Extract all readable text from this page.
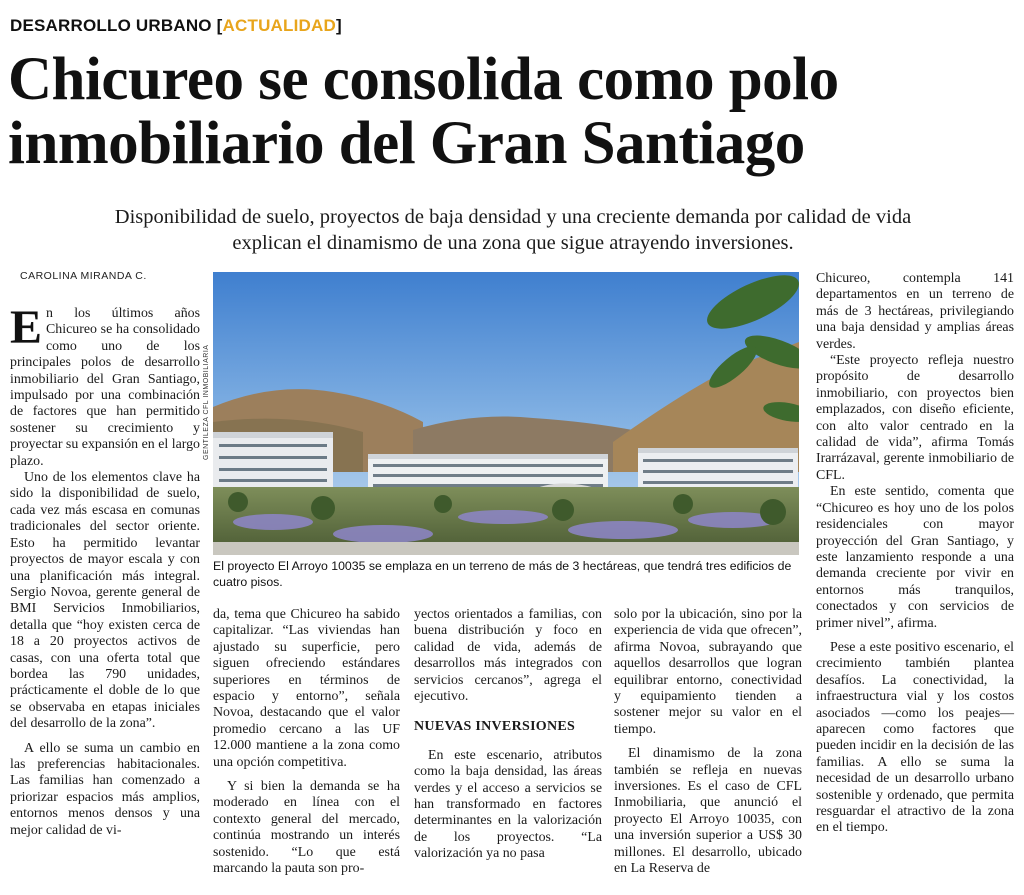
DESARROLLO URBANO [ACTUALIDAD]
Chicureo se consolida como polo
inmobiliario del Gran Santiago

Disponibilidad de suelo, proyectos de baja densidad y una creciente demanda por calidad de vida
explican el dinamismo de una zona que sigue atrayendo inversiones.

CAROLINA MIRANDA C.

En los últimos años Chicureo se ha consolidado como uno de los principales polos de desarrollo inmobiliario del Gran Santiago, impulsado por una combinación de factores que han permitido sostener su crecimiento y proyectar su expansión en el largo plazo.

Uno de los elementos clave ha sido la disponibilidad de suelo, cada vez más escasa en comunas tradicionales del sector oriente. Esto ha permitido levantar proyectos de mayor escala y con una planificación más integral. Sergio Novoa, gerente general de BMI Servicios Inmobiliarios, detalla que “hoy existen cerca de 18 a 20 proyectos activos de casas, con una oferta total que bordea las 790 unidades, prácticamente el doble de lo que se observaba en etapas iniciales del desarrollo de la zona”.

A ello se suma un cambio en las preferencias habitacionales. Las familias han comenzado a priorizar espacios más amplios, entornos menos densos y una mejor calidad de vi-

GENTILEZA CFL INMOBILIARIA

El proyecto El Arroyo 10035 se emplaza en un terreno de más de 3 hectáreas, que tendrá tres edificios de cuatro pisos.

da, tema que Chicureo ha sabido capitalizar. “Las viviendas han ajustado su superficie, pero siguen ofreciendo estándares superiores en términos de espacio y entorno”, señala Novoa, destacando que el valor promedio cercano a las UF 12.000 mantiene a la zona como una opción competitiva.

Y si bien la demanda se ha moderado en línea con el contexto general del mercado, continúa mostrando un interés sostenido. “Lo que está marcando la pauta son pro-

yectos orientados a familias, con buena distribución y foco en calidad de vida, además de desarrollos más integrados con servicios cercanos”, agrega el ejecutivo.

NUEVAS INVERSIONES

En este escenario, atributos como la baja densidad, las áreas verdes y el acceso a servicios se han transformado en factores determinantes en la valorización de los proyectos. “La valorización ya no pasa

solo por la ubicación, sino por la experiencia de vida que ofrecen”, afirma Novoa, subrayando que aquellos desarrollos que logran equilibrar entorno, conectividad y equipamiento tienden a sostener mejor su valor en el tiempo.

El dinamismo de la zona también se refleja en nuevas inversiones. Es el caso de CFL Inmobiliaria, que anunció el proyecto El Arroyo 10035, con una inversión superior a US$ 30 millones. El desarrollo, ubicado en La Reserva de

Chicureo, contempla 141 departamentos en un terreno de más de 3 hectáreas, privilegiando una baja densidad y amplias áreas verdes.

“Este proyecto refleja nuestro propósito de desarrollo inmobiliario, con proyectos bien emplazados, con diseño eficiente, con alto valor centrado en la calidad de vida”, afirma Tomás Irarrázaval, gerente inmobiliario de CFL.

En este sentido, comenta que “Chicureo es hoy uno de los polos residenciales con mayor proyección del Gran Santiago, y este lanzamiento responde a una demanda creciente por vivir en entornos más tranquilos, conectados y con servicios de primer nivel”, afirma.

Pese a este positivo escenario, el crecimiento también plantea desafíos. La conectividad, la infraestructura vial y los costos asociados —como los peajes— aparecen como factores que pueden incidir en la decisión de las familias. A ello se suma la necesidad de un desarrollo urbano sostenible y ordenado, que permita resguardar el atractivo de la zona en el tiempo.
